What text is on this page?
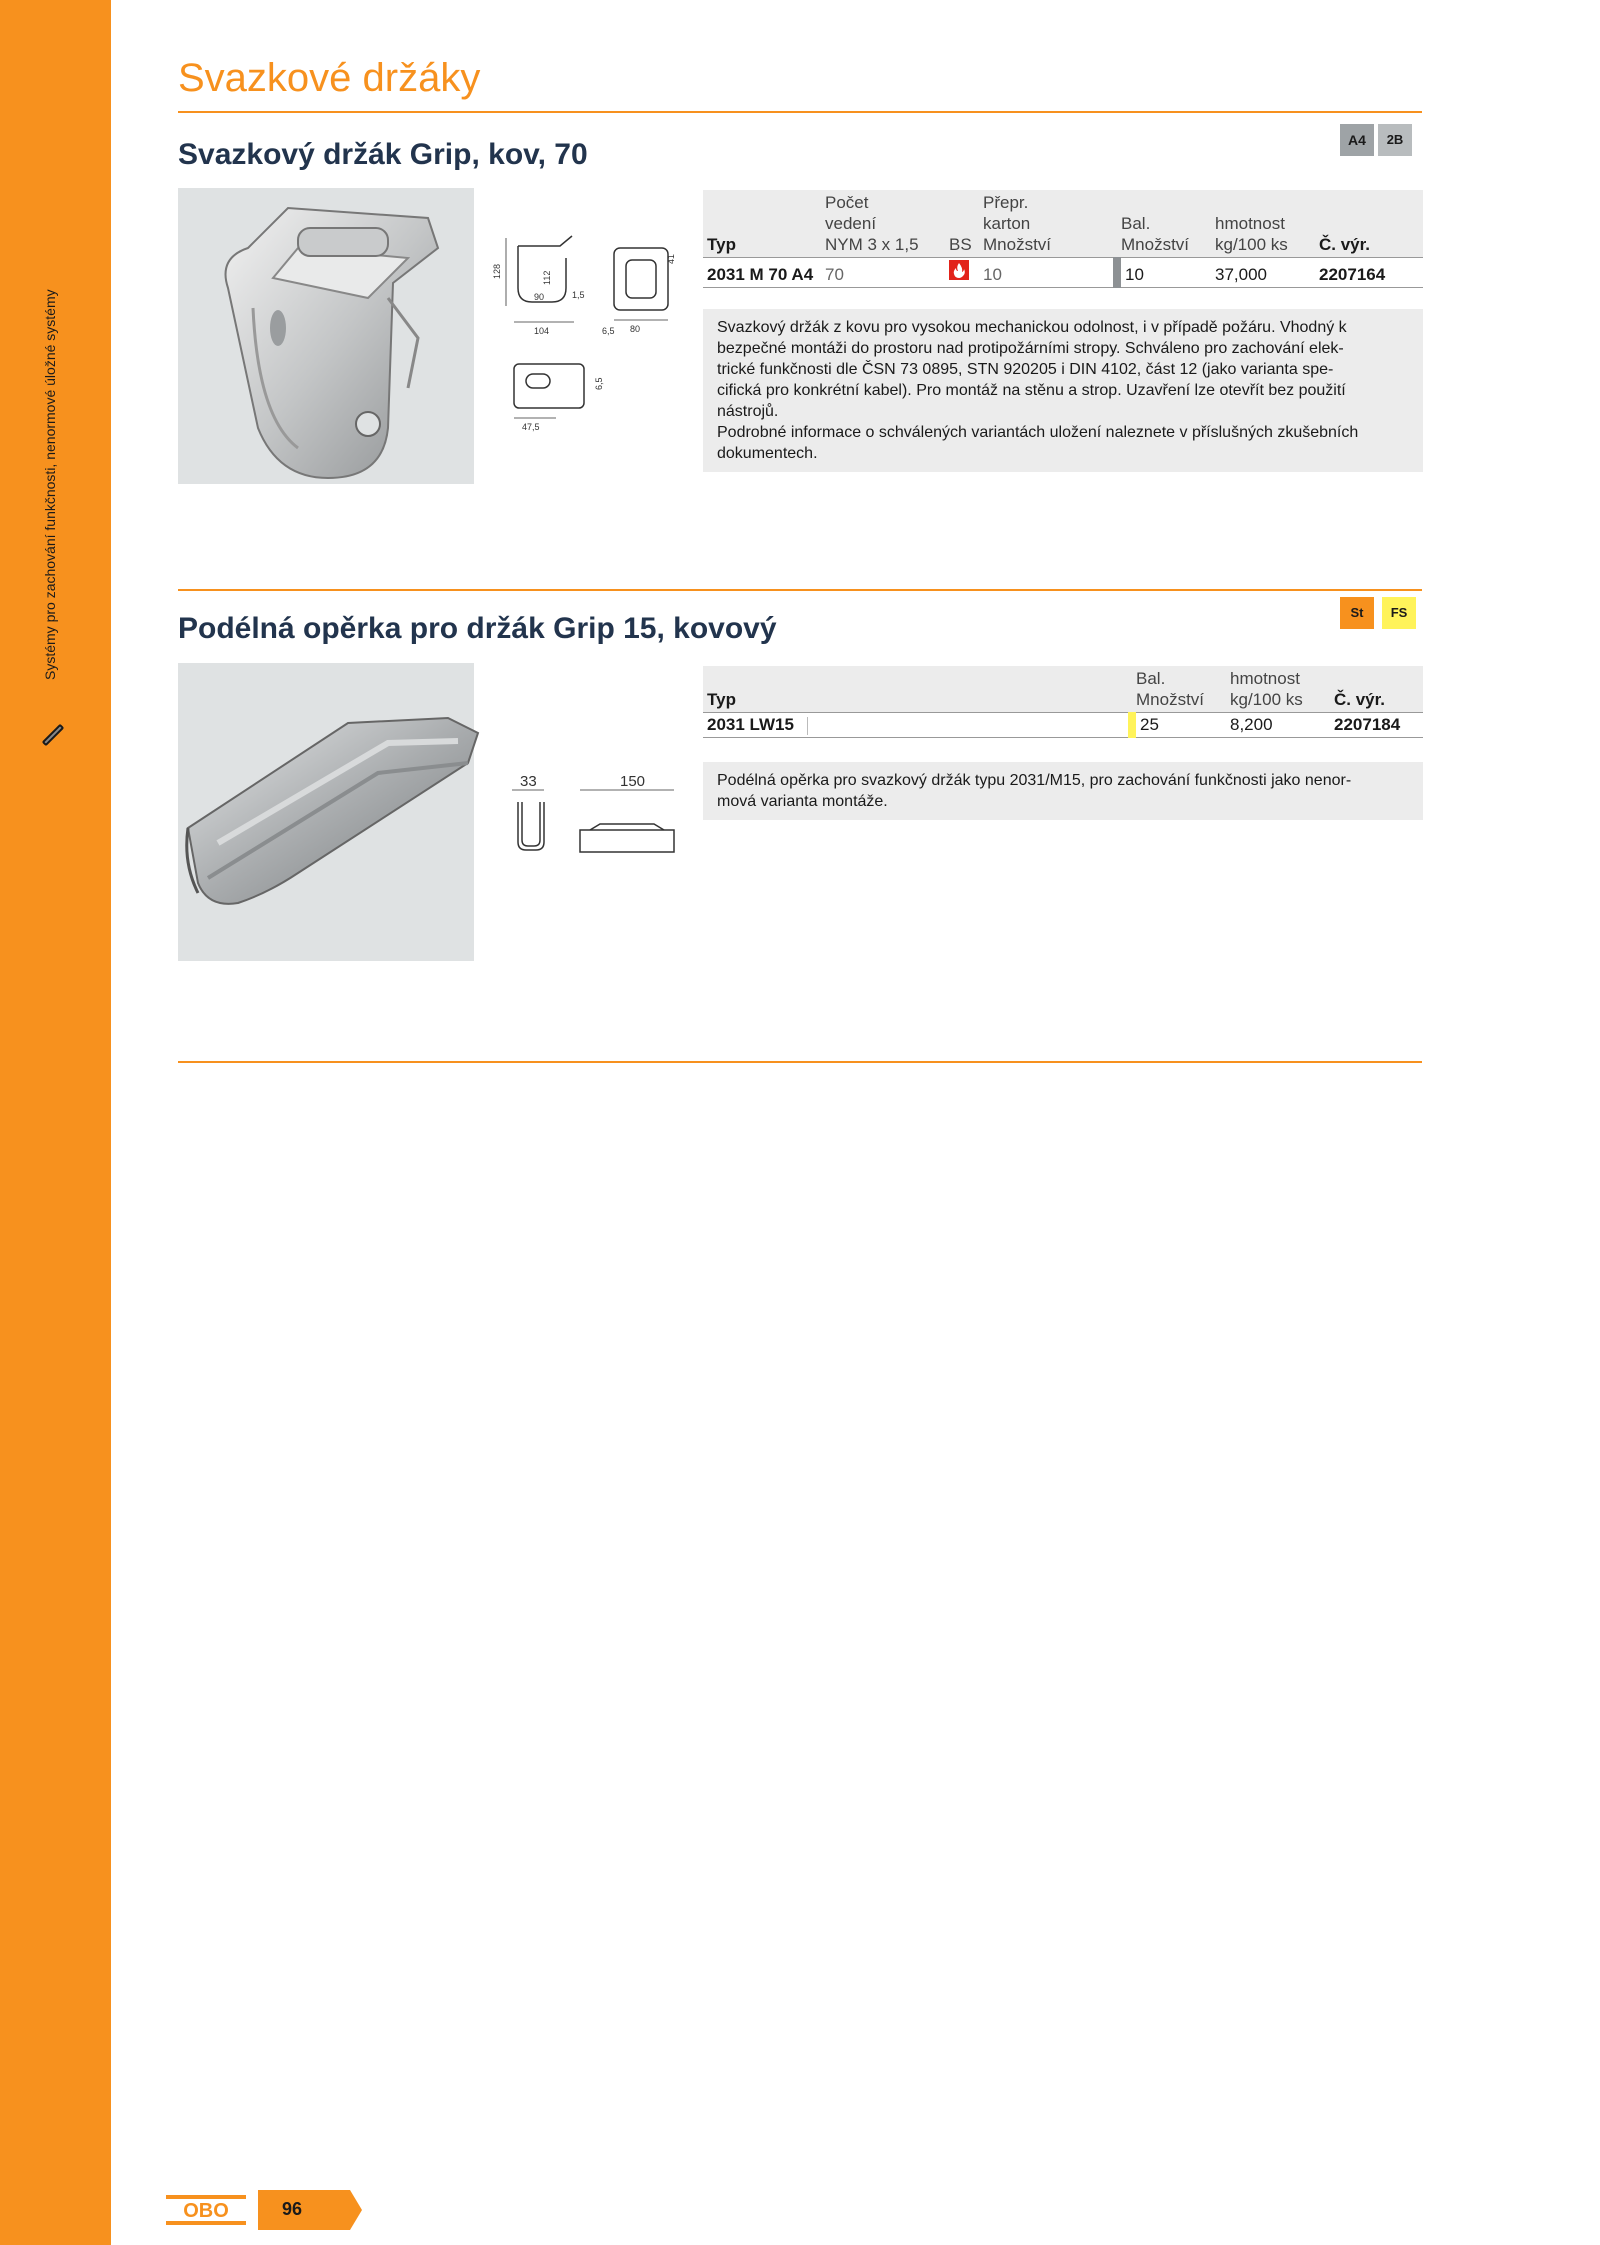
Systémy pro zachování funkčnosti, nenormové úložné systémy
Svazkové držáky
Svazkový držák Grip, kov, 70	A4	2B
128	112
90
41
1,5
104	6,5 80
6,5
47,5

Typ	Počet
vedení
NYM 3 x 1,5	BS	Přepr.
karton
Množství	Bal.
Množství	hmotnost
kg/100 ks	Č. výr.
2031 M 70 A4	70		10	10	37,000	2207164
Svazkový držák z kovu pro vysokou mechanickou odolnost, i v případě požáru. Vhodný k
bezpečné montáži do prostoru nad protipožárními stropy. Schváleno pro zachování elek-
trické funkčnosti dle ČSN 73 0895, STN 920205 i DIN 4102, část 12 (jako varianta spe-
cifická pro konkrétní kabel). Pro montáž na stěnu a strop. Uzavření lze otevřít bez použití
nástrojů.
Podrobné informace o schválených variantách uložení naleznete v příslušných zkušebních
dokumentech.
Podélná opěrka pro držák Grip 15, kovový	St	FS
33	150

Typ	Bal.
Množství	hmotnost
kg/100 ks	Č. výr.
2031 LW15	25	8,200	2207184
Podélná opěrka pro svazkový držák typu 2031/M15, pro zachování funkčnosti jako nenor-
mová varianta montáže.
OBO	96
